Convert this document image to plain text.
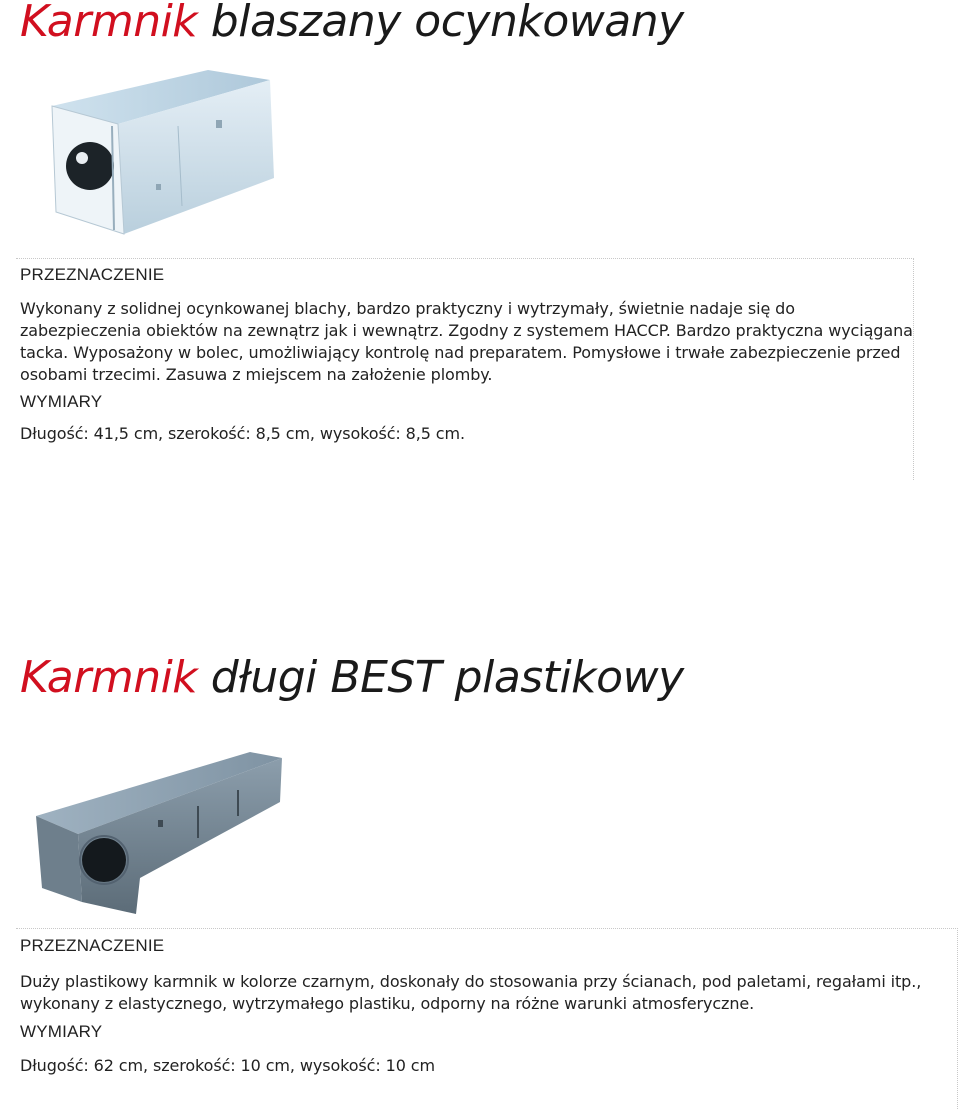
Karmnik blaszany ocynkowany

PRZEZNACZENIE

Wykonany z solidnej ocynkowanej blachy, bardzo praktyczny i wytrzymały, świetnie nadaje się do zabezpieczenia obiektów na zewnątrz jak i wewnątrz. Zgodny z systemem HACCP. Bardzo praktyczna wyciągana tacka. Wyposażony w bolec, umożliwiający kontrolę nad preparatem. Pomysłowe i trwałe zabezpieczenie przed osobami trzecimi. Zasuwa z miejscem na założenie plomby.

WYMIARY

Długość: 41,5 cm, szerokość: 8,5 cm, wysokość: 8,5 cm.

Karmnik długi BEST plastikowy

PRZEZNACZENIE

Duży plastikowy karmnik w kolorze czarnym, doskonały do stosowania przy ścianach, pod paletami, regałami itp., wykonany z elastycznego, wytrzymałego plastiku, odporny na różne warunki atmosferyczne.

WYMIARY

Długość: 62 cm, szerokość: 10 cm, wysokość: 10 cm
